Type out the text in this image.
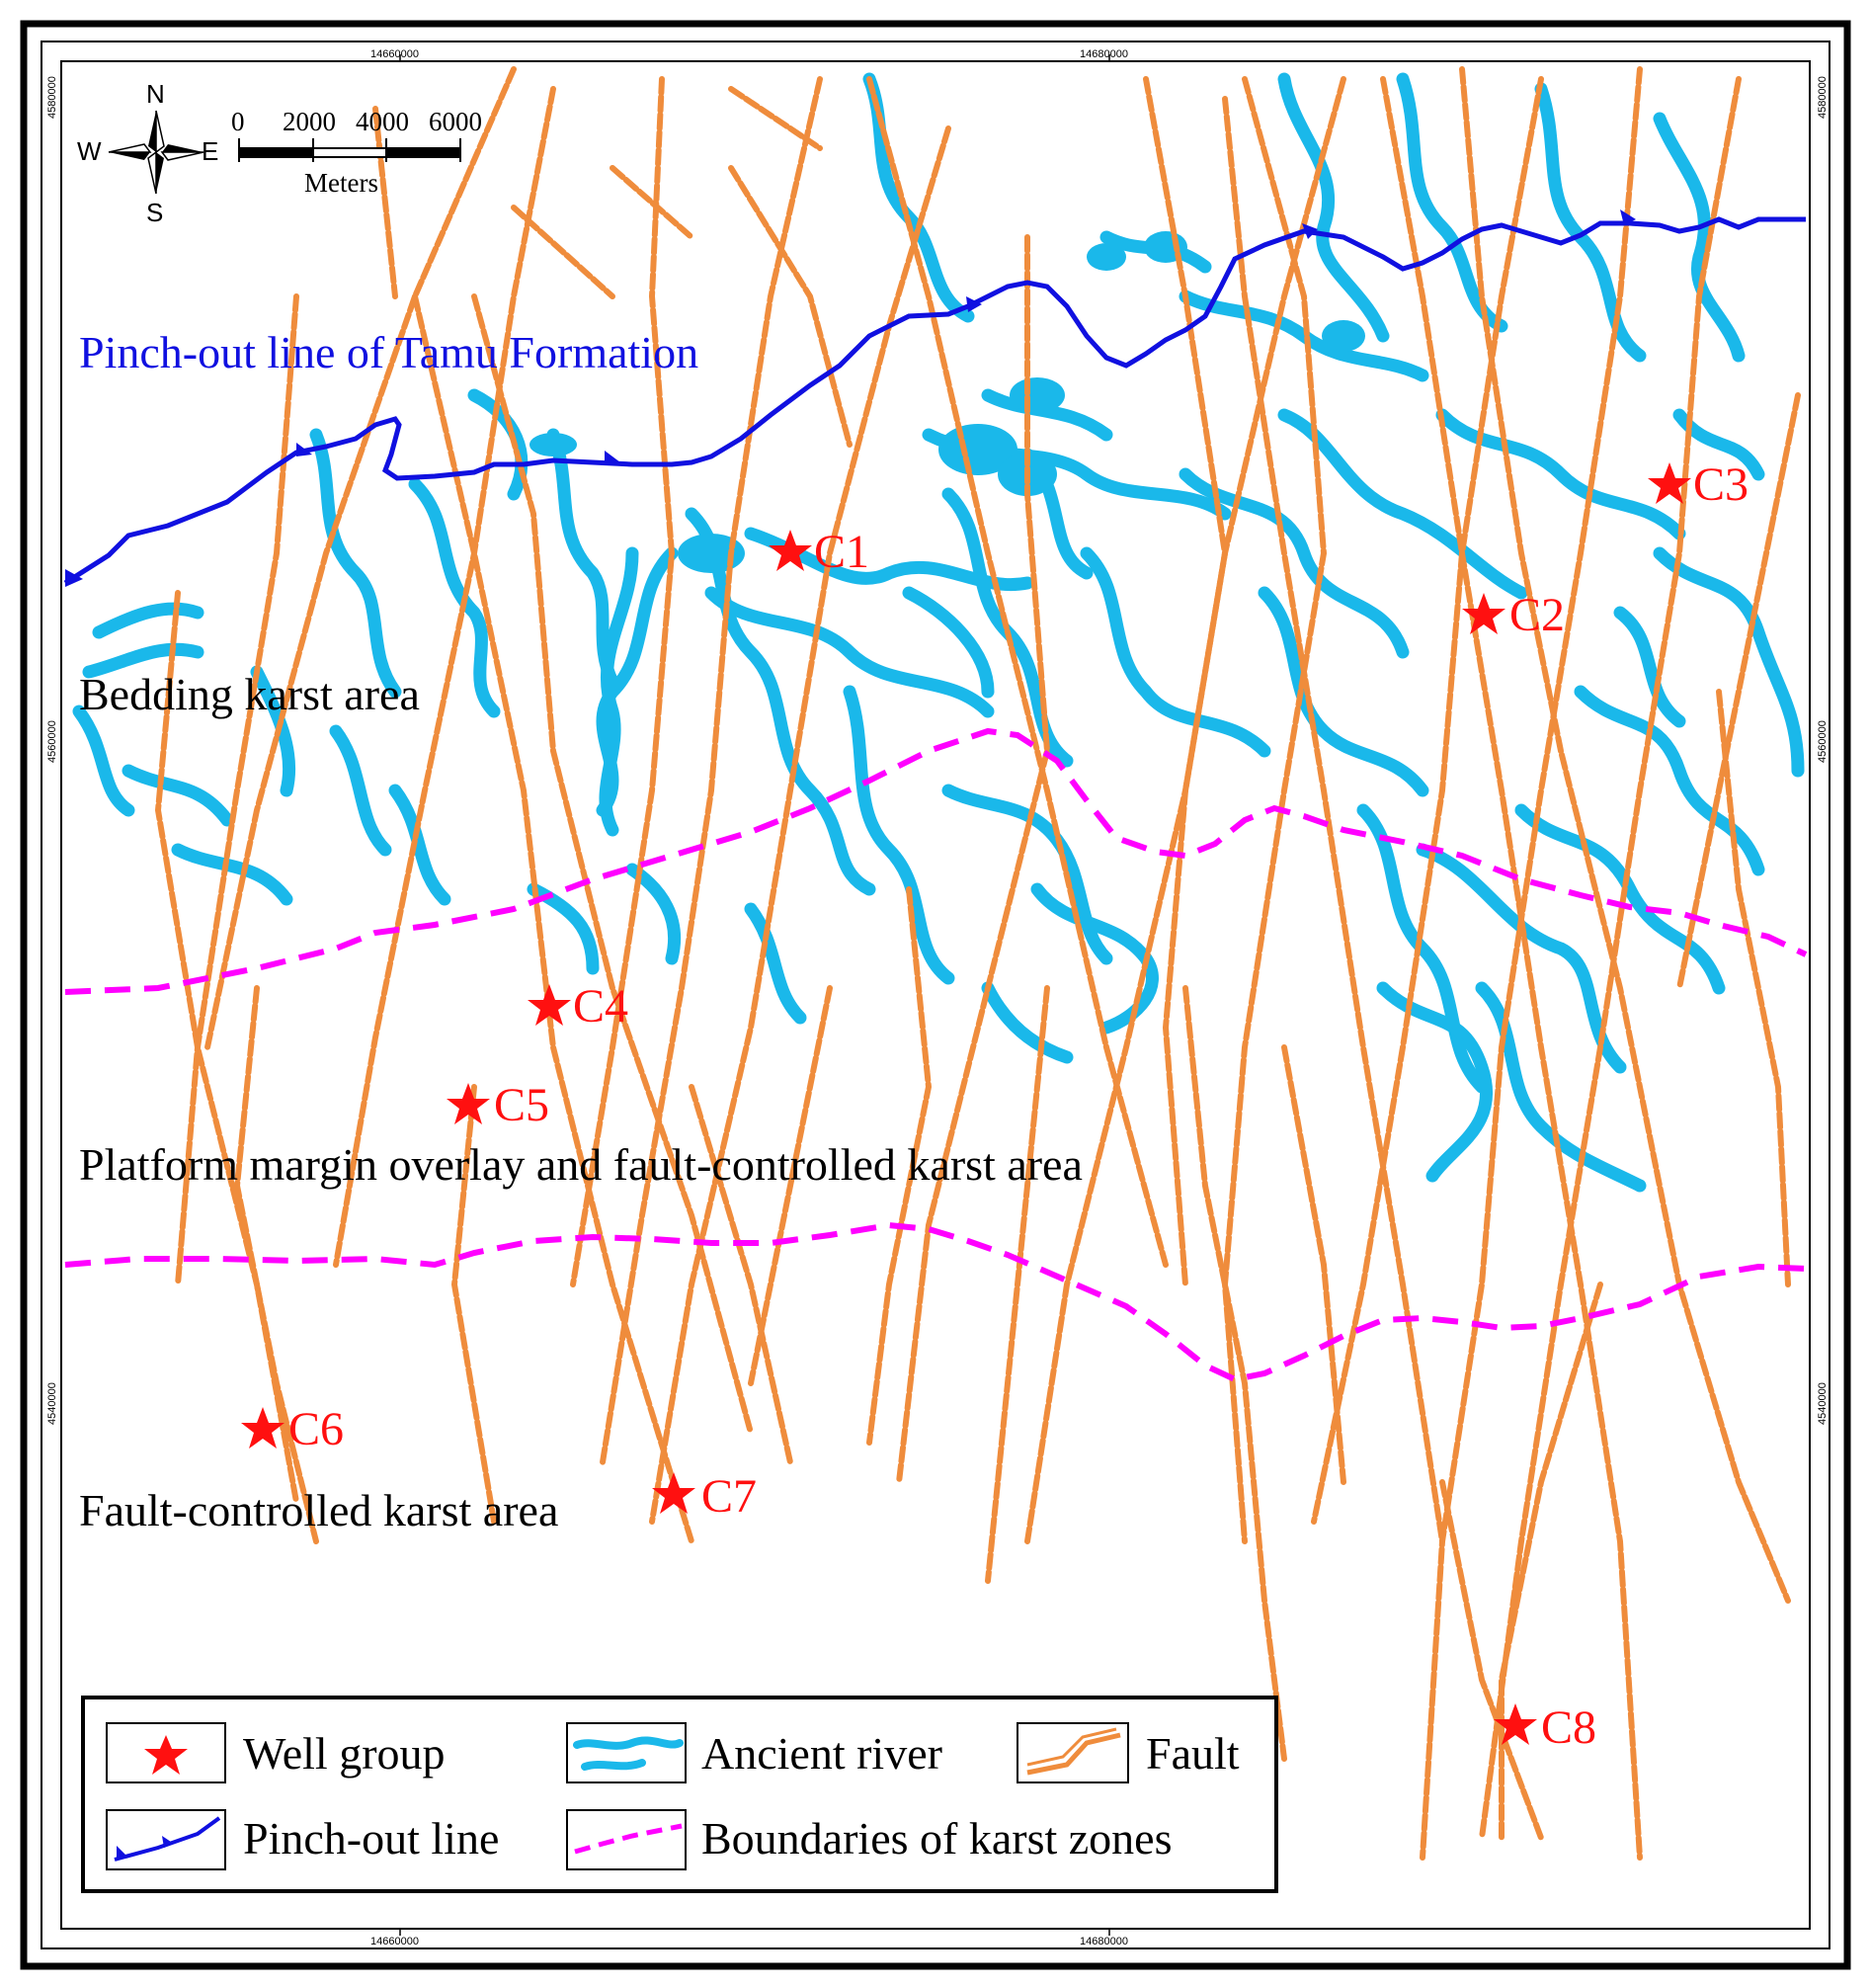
14660000	14680000
14660000	14680000
4580000
4560000
4540000
4580000
4560000
4540000
Pinch-out line of Tamu Formation
Bedding karst area
Platform margin overlay and fault-controlled karst area
Fault-controlled karst area
C1
C2
C3
C4
C5
C6
C7
C8
N
S
E
W
0 2000 4000 6000
Meters
Well group	Ancient river	Fault
Pinch-out line	Boundaries of karst zones
